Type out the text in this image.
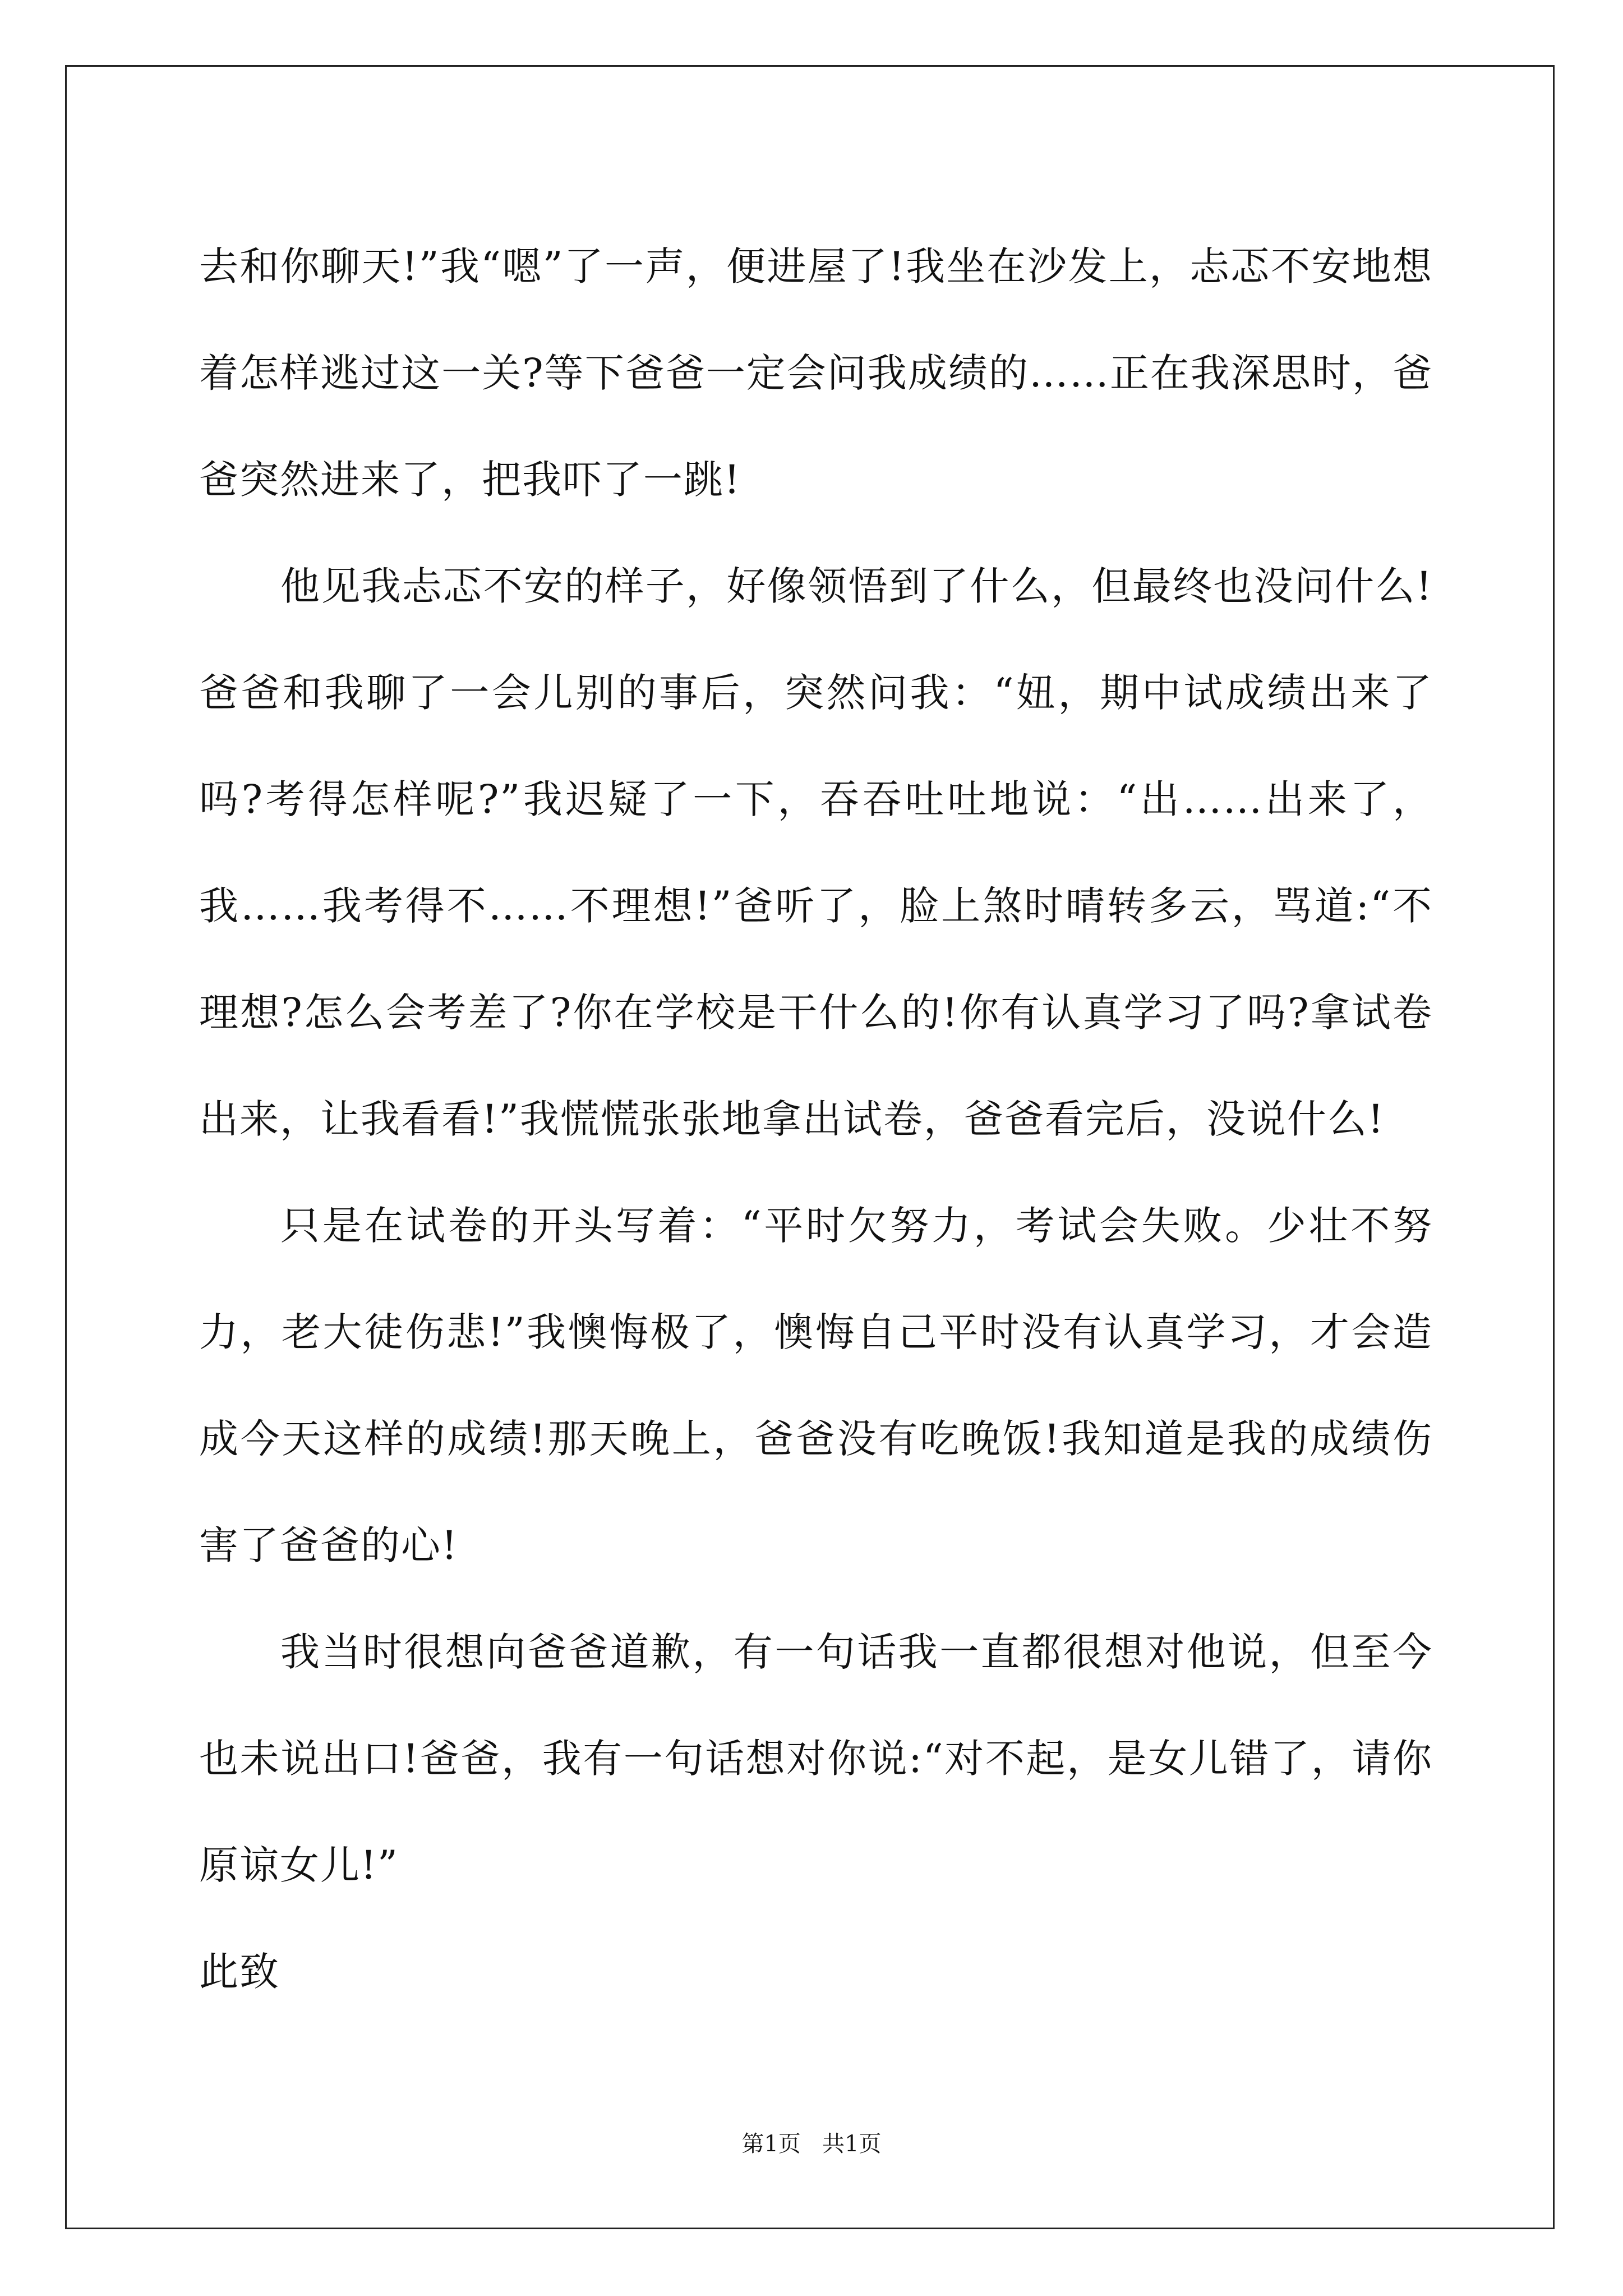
去和你聊天!”我“嗯”了一声，便进屋了!我坐在沙发上，忐忑不安地想着怎样逃过这一关?等下爸爸一定会问我成绩的……正在我深思时，爸爸突然进来了，把我吓了一跳!

他见我忐忑不安的样子，好像领悟到了什么，但最终也没问什么!爸爸和我聊了一会儿别的事后，突然问我：“妞，期中试成绩出来了吗?考得怎样呢?”我迟疑了一下，吞吞吐吐地说：“出……出来了，我……我考得不……不理想!”爸听了，脸上煞时晴转多云，骂道:“不理想?怎么会考差了?你在学校是干什么的!你有认真学习了吗?拿试卷出来，让我看看!”我慌慌张张地拿出试卷，爸爸看完后，没说什么!

只是在试卷的开头写着：“平时欠努力，考试会失败。少壮不努力，老大徒伤悲!”我懊悔极了，懊悔自己平时没有认真学习，才会造成今天这样的成绩!那天晚上，爸爸没有吃晚饭!我知道是我的成绩伤害了爸爸的心!

我当时很想向爸爸道歉，有一句话我一直都很想对他说，但至今也未说出口!爸爸，我有一句话想对你说:“对不起，是女儿错了，请你原谅女儿!”

此致

第1页   共1页
